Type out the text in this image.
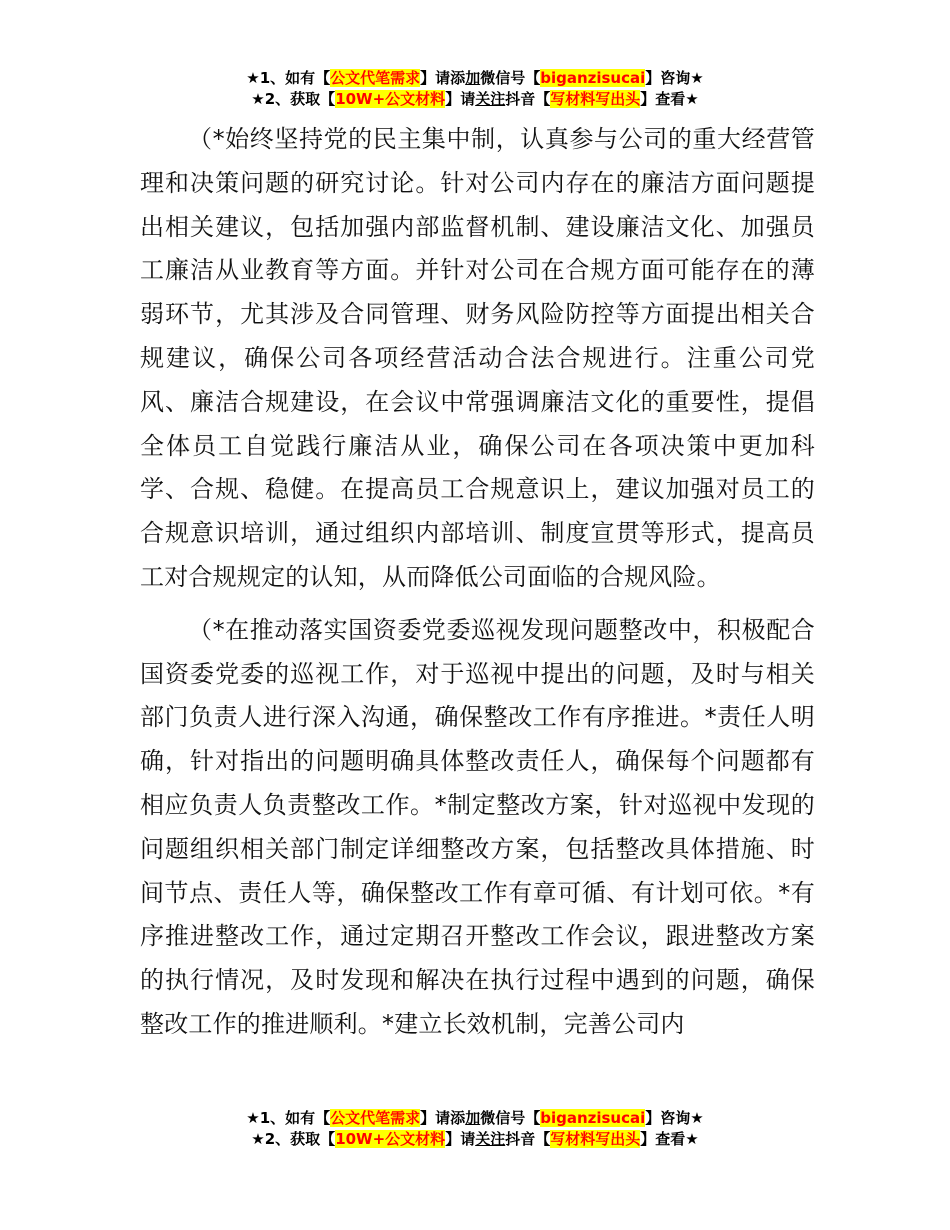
★1、如有【公文代笔需求】请添加微信号【biganzisucai】咨询★
★2、获取【10W+公文材料】请关注抖音【写材料写出头】查看★

（*始终坚持党的民主集中制，认真参与公司的重大经营管理和决策问题的研究讨论。针对公司内存在的廉洁方面问题提出相关建议，包括加强内部监督机制、建设廉洁文化、加强员工廉洁从业教育等方面。并针对公司在合规方面可能存在的薄弱环节，尤其涉及合同管理、财务风险防控等方面提出相关合规建议，确保公司各项经营活动合法合规进行。注重公司党风、廉洁合规建设，在会议中常强调廉洁文化的重要性，提倡全体员工自觉践行廉洁从业，确保公司在各项决策中更加科学、合规、稳健。在提高员工合规意识上，建议加强对员工的合规意识培训，通过组织内部培训、制度宣贯等形式，提高员工对合规规定的认知，从而降低公司面临的合规风险。

（*在推动落实国资委党委巡视发现问题整改中，积极配合国资委党委的巡视工作，对于巡视中提出的问题，及时与相关部门负责人进行深入沟通，确保整改工作有序推进。*责任人明确，针对指出的问题明确具体整改责任人，确保每个问题都有相应负责人负责整改工作。*制定整改方案，针对巡视中发现的问题组织相关部门制定详细整改方案，包括整改具体措施、时间节点、责任人等，确保整改工作有章可循、有计划可依。*有序推进整改工作，通过定期召开整改工作会议，跟进整改方案的执行情况，及时发现和解决在执行过程中遇到的问题，确保整改工作的推进顺利。*建立长效机制，完善公司内

★1、如有【公文代笔需求】请添加微信号【biganzisucai】咨询★
★2、获取【10W+公文材料】请关注抖音【写材料写出头】查看★
